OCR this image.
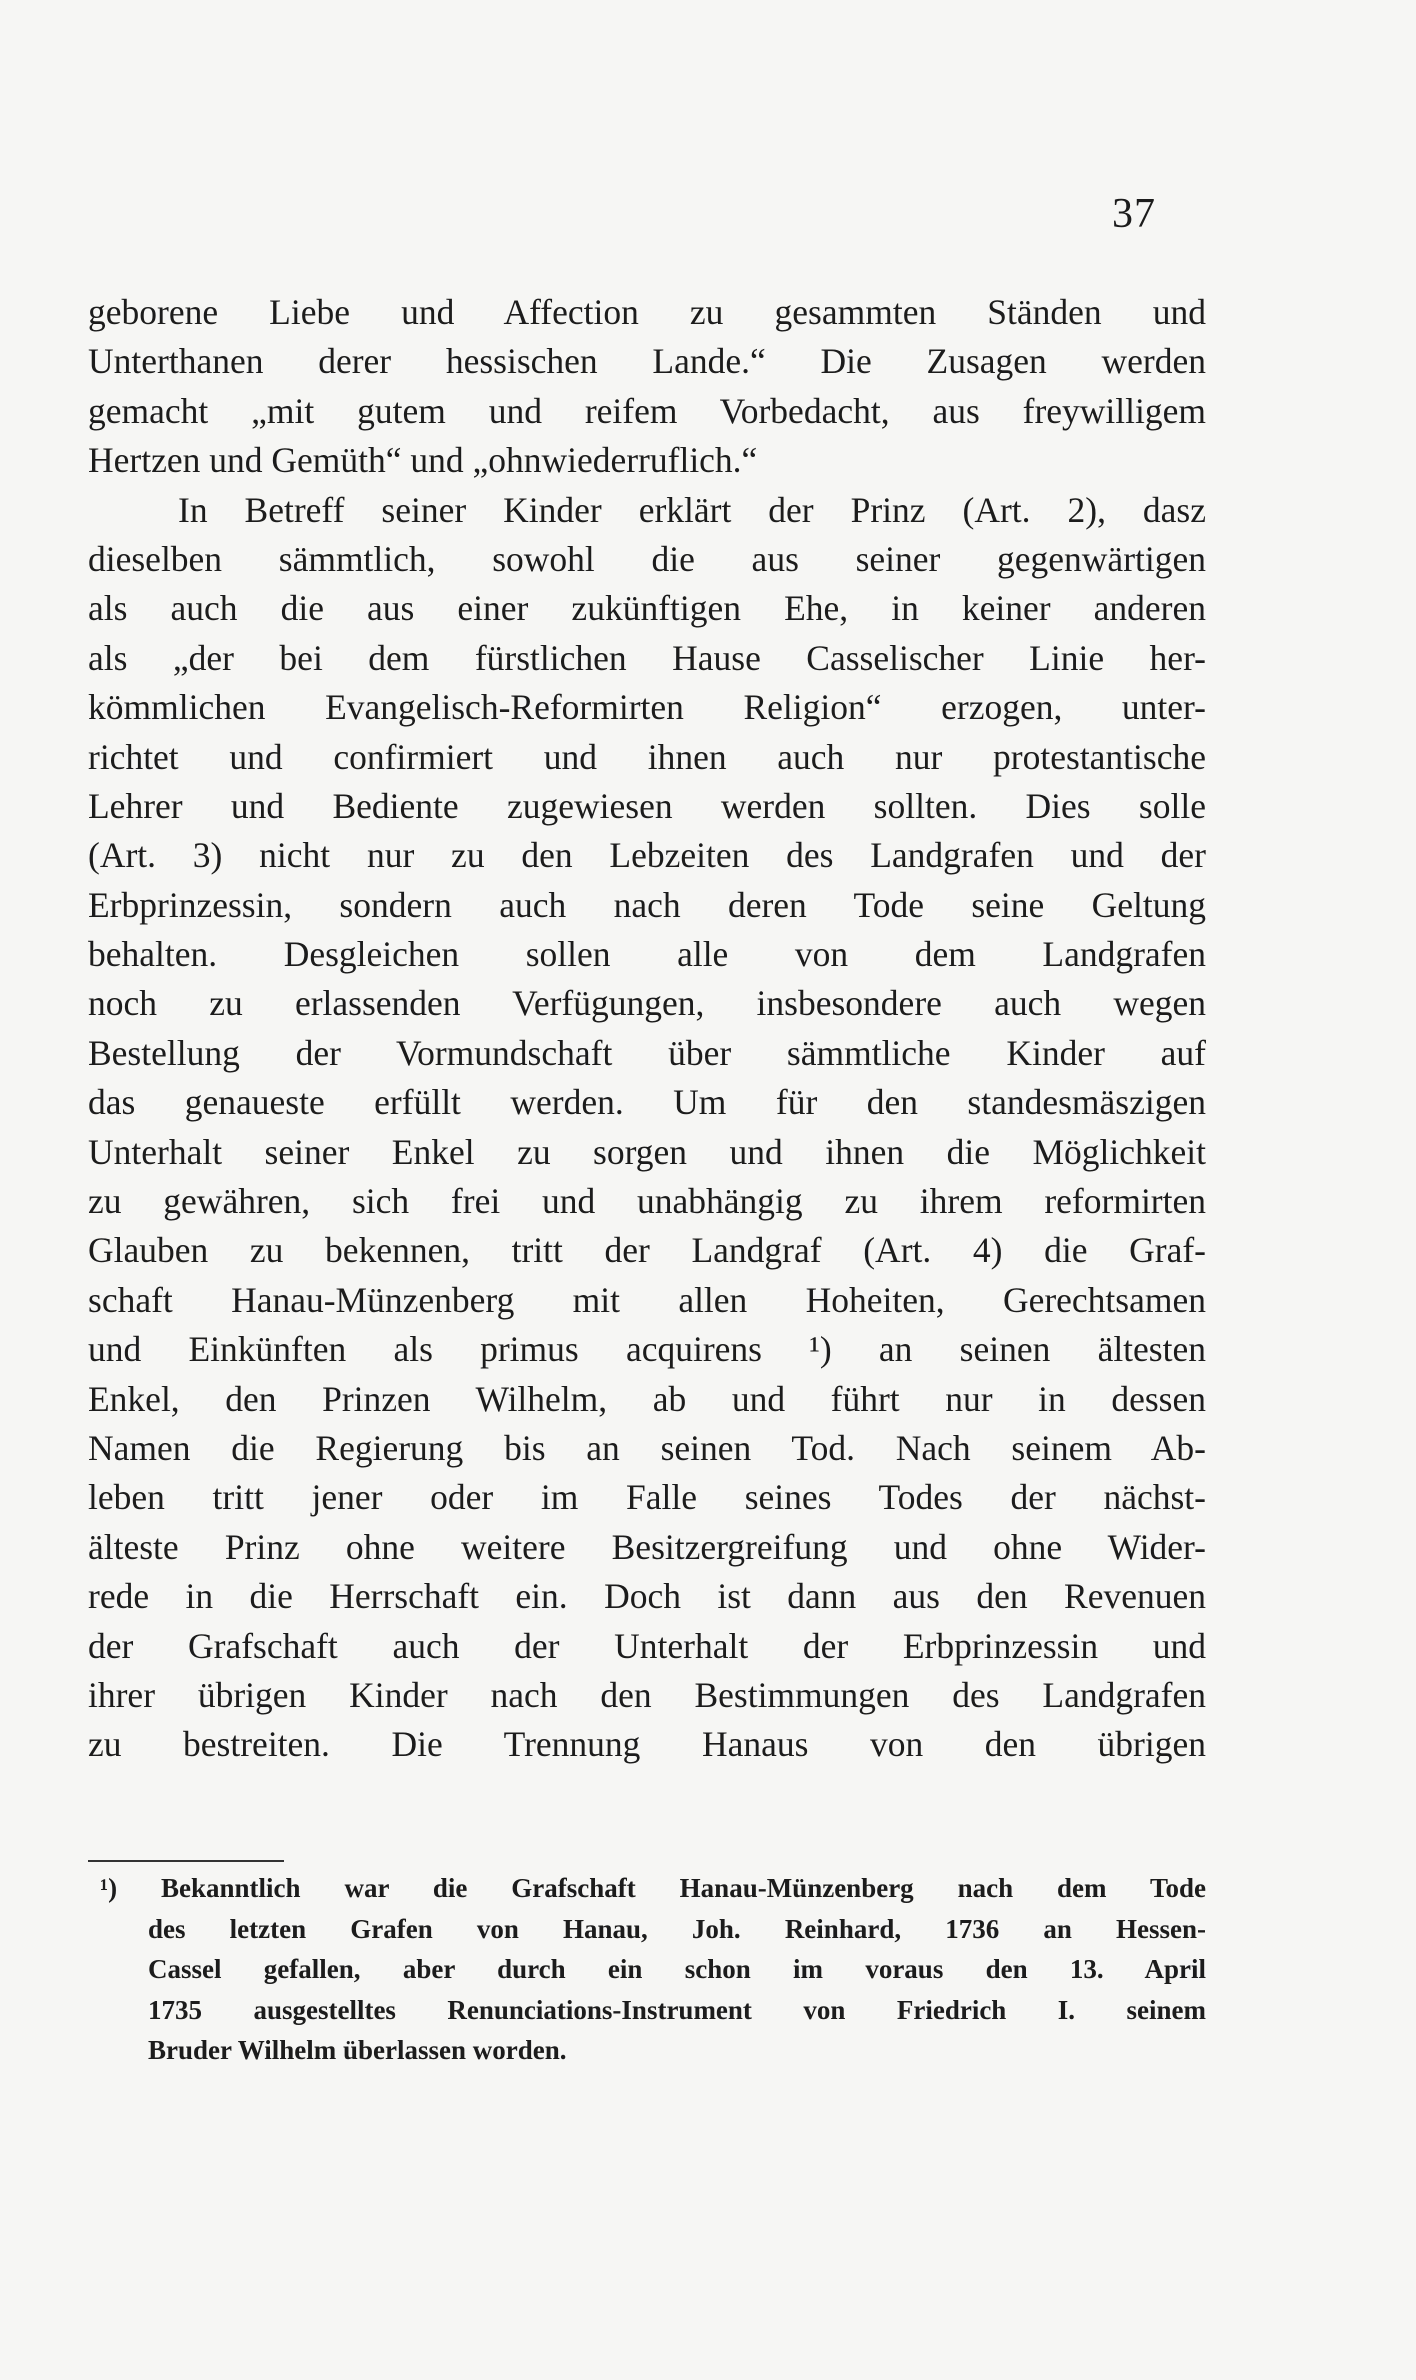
37
geborene Liebe und Affection zu gesammten Ständen und
Unterthanen derer hessischen Lande.“ Die Zusagen werden
gemacht „mit gutem und reifem Vorbedacht, aus freywilligem
Hertzen und Gemüth“ und „ohnwiederruflich.“
In Betreff seiner Kinder erklärt der Prinz (Art. 2), dasz
dieselben sämmtlich, sowohl die aus seiner gegenwärtigen
als auch die aus einer zukünftigen Ehe, in keiner anderen
als „der bei dem fürstlichen Hause Casselischer Linie her-
kömmlichen Evangelisch-Reformirten Religion“ erzogen, unter-
richtet und confirmiert und ihnen auch nur protestantische
Lehrer und Bediente zugewiesen werden sollten. Dies solle
(Art. 3) nicht nur zu den Lebzeiten des Landgrafen und der
Erbprinzessin, sondern auch nach deren Tode seine Geltung
behalten. Desgleichen sollen alle von dem Landgrafen
noch zu erlassenden Verfügungen, insbesondere auch wegen
Bestellung der Vormundschaft über sämmtliche Kinder auf
das genaueste erfüllt werden. Um für den standesmäszigen
Unterhalt seiner Enkel zu sorgen und ihnen die Möglichkeit
zu gewähren, sich frei und unabhängig zu ihrem reformirten
Glauben zu bekennen, tritt der Landgraf (Art. 4) die Graf-
schaft Hanau-Münzenberg mit allen Hoheiten, Gerechtsamen
und Einkünften als primus acquirens ¹) an seinen ältesten
Enkel, den Prinzen Wilhelm, ab und führt nur in dessen
Namen die Regierung bis an seinen Tod. Nach seinem Ab-
leben tritt jener oder im Falle seines Todes der nächst-
älteste Prinz ohne weitere Besitzergreifung und ohne Wider-
rede in die Herrschaft ein. Doch ist dann aus den Revenuen
der Grafschaft auch der Unterhalt der Erbprinzessin und
ihrer übrigen Kinder nach den Bestimmungen des Landgrafen
zu bestreiten. Die Trennung Hanaus von den übrigen
¹) Bekanntlich war die Grafschaft Hanau-Münzenberg nach dem Tode
des letzten Grafen von Hanau, Joh. Reinhard, 1736 an Hessen-
Cassel gefallen, aber durch ein schon im voraus den 13. April
1735 ausgestelltes Renunciations-Instrument von Friedrich I. seinem
Bruder Wilhelm überlassen worden.
